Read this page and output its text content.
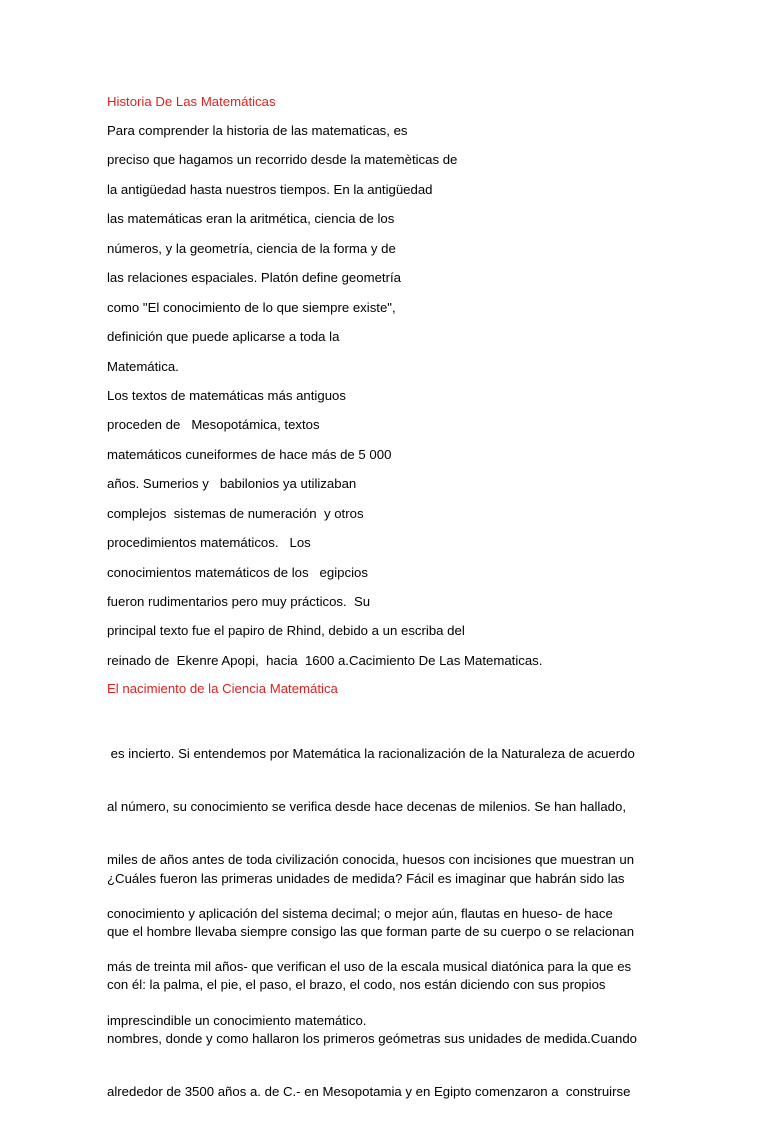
Historia De Las Matemáticas
Para comprender la historia de las matematicas, es
preciso que hagamos un recorrido desde la matemèticas de
la antigüedad hasta nuestros tiempos. En la antigüedad
las matemáticas eran la aritmética, ciencia de los
números, y la geometría, ciencia de la forma y de
las relaciones espaciales. Platón define geometría
como "El conocimiento de lo que siempre existe",
definición que puede aplicarse a toda la
Matemática.
Los textos de matemáticas más antiguos
proceden de   Mesopotámica, textos
matemáticos cuneiformes de hace más de 5 000
años. Sumerios y   babilonios ya utilizaban
complejos  sistemas de numeración  y otros
procedimientos matemáticos.   Los
conocimientos matemáticos de los   egipcios
fueron rudimentarios pero muy prácticos.  Su
principal texto fue el papiro de Rhind, debido a un escriba del
reinado de  Ekenre Apopi,  hacia  1600 a.Cacimiento De Las Matematicas.
El nacimiento de la Ciencia Matemática

es incierto. Si entendemos por Matemática la racionalización de la Naturaleza de acuerdo

al número, su conocimiento se verifica desde hace decenas de milenios. Se han hallado,

miles de años antes de toda civilización conocida, huesos con incisiones que muestran un

conocimiento y aplicación del sistema decimal; o mejor aún, flautas en hueso- de hace

más de treinta mil años- que verifican el uso de la escala musical diatónica para la que es

imprescindible un conocimiento matemático.

¿Cuáles fueron las primeras unidades de medida? Fácil es imaginar que habrán sido las

que el hombre llevaba siempre consigo las que forman parte de su cuerpo o se relacionan

con él: la palma, el pie, el paso, el brazo, el codo, nos están diciendo con sus propios

nombres, donde y como hallaron los primeros geómetras sus unidades de medida.Cuando

alrededor de 3500 años a. de C.- en Mesopotamia y en Egipto comenzaron a  construirse
